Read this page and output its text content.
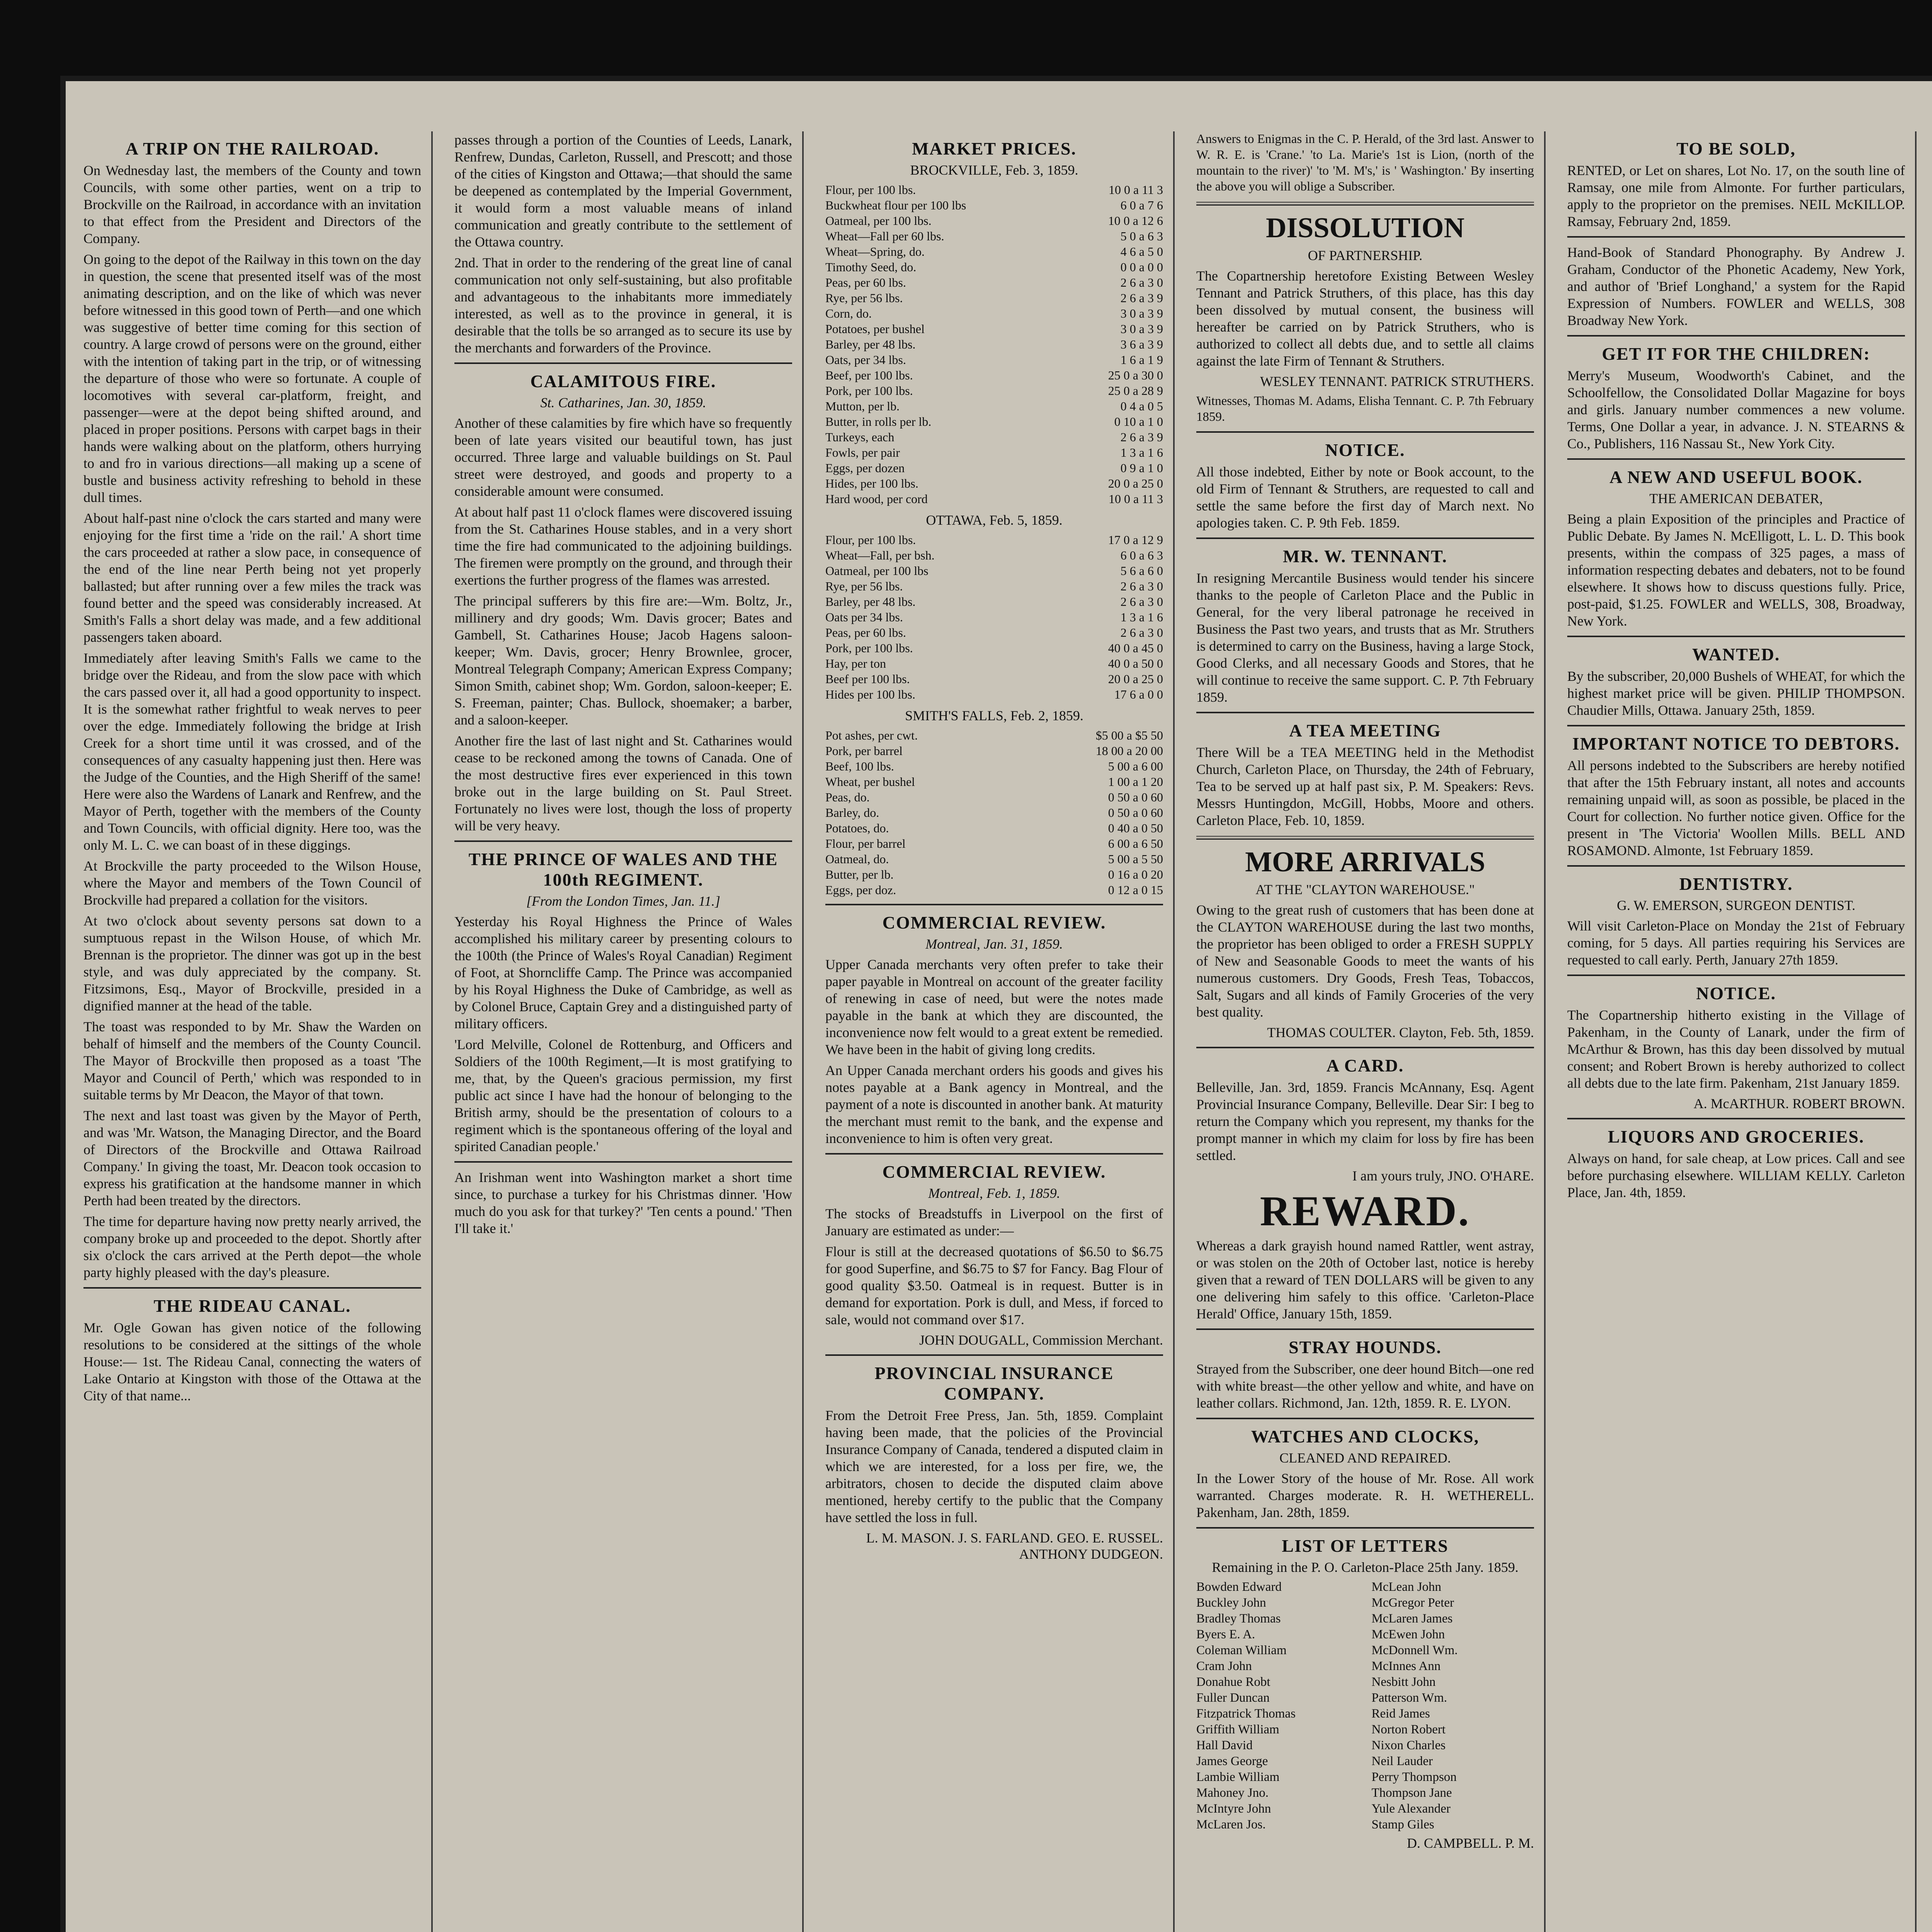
A TRIP ON THE RAILROAD.

On Wednesday last, the members of the County and town Councils, with some other parties, went on a trip to Brockville on the Railroad, in accordance with an invitation to that effect from the President and Directors of the Company.

On going to the depot of the Railway in this town on the day in question, the scene that presented itself was of the most animating description, and on the like of which was never before witnessed in this good town of Perth—and one which was suggestive of better time coming for this section of country. A large crowd of persons were on the ground, either with the intention of taking part in the trip, or of witnessing the departure of those who were so fortunate. A couple of locomotives with several car-platform, freight, and passenger—were at the depot being shifted around, and placed in proper positions. Persons with carpet bags in their hands were walking about on the platform, others hurrying to and fro in various directions—all making up a scene of bustle and business activity refreshing to behold in these dull times.

About half-past nine o'clock the cars started and many were enjoying for the first time a 'ride on the rail.' A short time the cars proceeded at rather a slow pace, in consequence of the end of the line near Perth being not yet properly ballasted; but after running over a few miles the track was found better and the speed was considerably increased. At Smith's Falls a short delay was made, and a few additional passengers taken aboard.

Immediately after leaving Smith's Falls we came to the bridge over the Rideau, and from the slow pace with which the cars passed over it, all had a good opportunity to inspect. It is the somewhat rather frightful to weak nerves to peer over the edge. Immediately following the bridge at Irish Creek for a short time until it was crossed, and of the consequences of any casualty happening just then. Here was the Judge of the Counties, and the High Sheriff of the same! Here were also the Wardens of Lanark and Renfrew, and the Mayor of Perth, together with the members of the County and Town Councils, with official dignity. Here too, was the only M. L. C. we can boast of in these diggings.

At Brockville the party proceeded to the Wilson House, where the Mayor and members of the Town Council of Brockville had prepared a collation for the visitors.

At two o'clock about seventy persons sat down to a sumptuous repast in the Wilson House, of which Mr. Brennan is the proprietor. The dinner was got up in the best style, and was duly appreciated by the company. St. Fitzsimons, Esq., Mayor of Brockville, presided in a dignified manner at the head of the table.

The toast was responded to by Mr. Shaw the Warden on behalf of himself and the members of the County Council. The Mayor of Brockville then proposed as a toast 'The Mayor and Council of Perth,' which was responded to in suitable terms by Mr Deacon, the Mayor of that town.

The next and last toast was given by the Mayor of Perth, and was 'Mr. Watson, the Managing Director, and the Board of Directors of the Brockville and Ottawa Railroad Company.' In giving the toast, Mr. Deacon took occasion to express his gratification at the handsome manner in which Perth had been treated by the directors.

The time for departure having now pretty nearly arrived, the company broke up and proceeded to the depot. Shortly after six o'clock the cars arrived at the Perth depot—the whole party highly pleased with the day's pleasure.

THE RIDEAU CANAL.

Mr. Ogle Gowan has given notice of the following resolutions to be considered at the sittings of the whole House:— 1st. The Rideau Canal, connecting the waters of Lake Ontario at Kingston with those of the Ottawa at the City of that name...

passes through a portion of the Counties of Leeds, Lanark, Renfrew, Dundas, Carleton, Russell, and Prescott; and those of the cities of Kingston and Ottawa;—that should the same be deepened as contemplated by the Imperial Government, it would form a most valuable means of inland communication and greatly contribute to the settlement of the Ottawa country.

2nd. That in order to the rendering of the great line of canal communication not only self-sustaining, but also profitable and advantageous to the inhabitants more immediately interested, as well as to the province in general, it is desirable that the tolls be so arranged as to secure its use by the merchants and forwarders of the Province.

CALAMITOUS FIRE.
St. Catharines, Jan. 30, 1859.

Another of these calamities by fire which have so frequently been of late years visited our beautiful town, has just occurred. Three large and valuable buildings on St. Paul street were destroyed, and goods and property to a considerable amount were consumed.

At about half past 11 o'clock flames were discovered issuing from the St. Catharines House stables, and in a very short time the fire had communicated to the adjoining buildings. The firemen were promptly on the ground, and through their exertions the further progress of the flames was arrested.

The principal sufferers by this fire are:—Wm. Boltz, Jr., millinery and dry goods; Wm. Davis grocer; Bates and Gambell, St. Catharines House; Jacob Hagens saloon-keeper; Wm. Davis, grocer; Henry Brownlee, grocer, Montreal Telegraph Company; American Express Company; Simon Smith, cabinet shop; Wm. Gordon, saloon-keeper; E. S. Freeman, painter; Chas. Bullock, shoemaker; a barber, and a saloon-keeper.

Another fire the last of last night and St. Catharines would cease to be reckoned among the towns of Canada. One of the most destructive fires ever experienced in this town broke out in the large building on St. Paul Street. Fortunately no lives were lost, though the loss of property will be very heavy.

THE PRINCE OF WALES AND THE 100th REGIMENT.
[From the London Times, Jan. 11.]

Yesterday his Royal Highness the Prince of Wales accomplished his military career by presenting colours to the 100th (the Prince of Wales's Royal Canadian) Regiment of Foot, at Shorncliffe Camp. The Prince was accompanied by his Royal Highness the Duke of Cambridge, as well as by Colonel Bruce, Captain Grey and a distinguished party of military officers.

'Lord Melville, Colonel de Rottenburg, and Officers and Soldiers of the 100th Regiment,—It is most gratifying to me, that, by the Queen's gracious permission, my first public act since I have had the honour of belonging to the British army, should be the presentation of colours to a regiment which is the spontaneous offering of the loyal and spirited Canadian people.'

An Irishman went into Washington market a short time since, to purchase a turkey for his Christmas dinner. 'How much do you ask for that turkey?' 'Ten cents a pound.' 'Then I'll take it.'

MARKET PRICES.
BROCKVILLE, Feb. 3, 1859.
Flour, per 100 lbs.	10 0 a 11 3
Buckwheat flour per 100 lbs	6 0 a 7 6
Oatmeal, per 100 lbs.	10 0 a 12 6
Wheat—Fall per 60 lbs.	5 0 a 6 3
Wheat—Spring, do.	4 6 a 5 0
Timothy Seed, do.	0 0 a 0 0
Peas, per 60 lbs.	2 6 a 3 0
Rye, per 56 lbs.	2 6 a 3 9
Corn, do.	3 0 a 3 9
Potatoes, per bushel	3 0 a 3 9
Barley, per 48 lbs.	3 6 a 3 9
Oats, per 34 lbs.	1 6 a 1 9
Beef, per 100 lbs.	25 0 a 30 0
Pork, per 100 lbs.	25 0 a 28 9
Mutton, per lb.	0 4 a 0 5
Butter, in rolls per lb.	0 10 a 1 0
Turkeys, each	2 6 a 3 9
Fowls, per pair	1 3 a 1 6
Eggs, per dozen	0 9 a 1 0
Hides, per 100 lbs.	20 0 a 25 0
Hard wood, per cord	10 0 a 11 3
OTTAWA, Feb. 5, 1859.
Flour, per 100 lbs.	17 0 a 12 9
Wheat—Fall, per bsh.	6 0 a 6 3
Oatmeal, per 100 lbs	5 6 a 6 0
Rye, per 56 lbs.	2 6 a 3 0
Barley, per 48 lbs.	2 6 a 3 0
Oats per 34 lbs.	1 3 a 1 6
Peas, per 60 lbs.	2 6 a 3 0
Pork, per 100 lbs.	40 0 a 45 0
Hay, per ton	40 0 a 50 0
Beef per 100 lbs.	20 0 a 25 0
Hides per 100 lbs.	17 6 a 0 0
SMITH'S FALLS, Feb. 2, 1859.
Pot ashes, per cwt.	$5 00 a $5 50
Pork, per barrel	18 00 a 20 00
Beef, 100 lbs.	5 00 a 6 00
Wheat, per bushel	1 00 a 1 20
Peas, do.	0 50 a 0 60
Barley, do.	0 50 a 0 60
Potatoes, do.	0 40 a 0 50
Flour, per barrel	6 00 a 6 50
Oatmeal, do.	5 00 a 5 50
Butter, per lb.	0 16 a 0 20
Eggs, per doz.	0 12 a 0 15
COMMERCIAL REVIEW.
Montreal, Jan. 31, 1859.

Upper Canada merchants very often prefer to take their paper payable in Montreal on account of the greater facility of renewing in case of need, but were the notes made payable in the bank at which they are discounted, the inconvenience now felt would to a great extent be remedied. We have been in the habit of giving long credits.

An Upper Canada merchant orders his goods and gives his notes payable at a Bank agency in Montreal, and the payment of a note is discounted in another bank. At maturity the merchant must remit to the bank, and the expense and inconvenience to him is often very great.

COMMERCIAL REVIEW.
Montreal, Feb. 1, 1859.

The stocks of Breadstuffs in Liverpool on the first of January are estimated as under:—

Flour is still at the decreased quotations of $6.50 to $6.75 for good Superfine, and $6.75 to $7 for Fancy. Bag Flour of good quality $3.50. Oatmeal is in request. Butter is in demand for exportation. Pork is dull, and Mess, if forced to sale, would not command over $17.

JOHN DOUGALL, Commission Merchant.
PROVINCIAL INSURANCE COMPANY.

From the Detroit Free Press, Jan. 5th, 1859. Complaint having been made, that the policies of the Provincial Insurance Company of Canada, tendered a disputed claim in which we are interested, for a loss per fire, we, the arbitrators, chosen to decide the disputed claim above mentioned, hereby certify to the public that the Company have settled the loss in full.

L. M. MASON. J. S. FARLAND. GEO. E. RUSSEL. ANTHONY DUDGEON.

Answers to Enigmas in the C. P. Herald, of the 3rd last. Answer to W. R. E. is 'Crane.' 'to La. Marie's 1st is Lion, (north of the mountain to the river)' 'to 'M. M's,' is ' Washington.' By inserting the above you will oblige a Subscriber.

DISSOLUTION
OF PARTNERSHIP.

The Copartnership heretofore Existing Between Wesley Tennant and Patrick Struthers, of this place, has this day been dissolved by mutual consent, the business will hereafter be carried on by Patrick Struthers, who is authorized to collect all debts due, and to settle all claims against the late Firm of Tennant & Struthers.

WESLEY TENNANT. PATRICK STRUTHERS.

Witnesses, Thomas M. Adams, Elisha Tennant. C. P. 7th February 1859.

NOTICE.

All those indebted, Either by note or Book account, to the old Firm of Tennant & Struthers, are requested to call and settle the same before the first day of March next. No apologies taken. C. P. 9th Feb. 1859.

MR. W. TENNANT.

In resigning Mercantile Business would tender his sincere thanks to the people of Carleton Place and the Public in General, for the very liberal patronage he received in Business the Past two years, and trusts that as Mr. Struthers is determined to carry on the Business, having a large Stock, Good Clerks, and all necessary Goods and Stores, that he will continue to receive the same support. C. P. 7th February 1859.

A TEA MEETING

There Will be a TEA MEETING held in the Methodist Church, Carleton Place, on Thursday, the 24th of February, Tea to be served up at half past six, P. M. Speakers: Revs. Messrs Huntingdon, McGill, Hobbs, Moore and others. Carleton Place, Feb. 10, 1859.

MORE ARRIVALS
AT THE "CLAYTON WAREHOUSE."

Owing to the great rush of customers that has been done at the CLAYTON WAREHOUSE during the last two months, the proprietor has been obliged to order a FRESH SUPPLY of New and Seasonable Goods to meet the wants of his numerous customers. Dry Goods, Fresh Teas, Tobaccos, Salt, Sugars and all kinds of Family Groceries of the very best quality.

THOMAS COULTER. Clayton, Feb. 5th, 1859.
A CARD.

Belleville, Jan. 3rd, 1859. Francis McAnnany, Esq. Agent Provincial Insurance Company, Belleville. Dear Sir: I beg to return the Company which you represent, my thanks for the prompt manner in which my claim for loss by fire has been settled.

I am yours truly, JNO. O'HARE.
REWARD.

Whereas a dark grayish hound named Rattler, went astray, or was stolen on the 20th of October last, notice is hereby given that a reward of TEN DOLLARS will be given to any one delivering him safely to this office. 'Carleton-Place Herald' Office, January 15th, 1859.

STRAY HOUNDS.

Strayed from the Subscriber, one deer hound Bitch—one red with white breast—the other yellow and white, and have on leather collars. Richmond, Jan. 12th, 1859. R. E. LYON.

WATCHES AND CLOCKS,
CLEANED AND REPAIRED.

In the Lower Story of the house of Mr. Rose. All work warranted. Charges moderate. R. H. WETHERELL. Pakenham, Jan. 28th, 1859.

LIST OF LETTERS
Remaining in the P. O. Carleton-Place 25th Jany. 1859.
Bowden Edward
Buckley John
Bradley Thomas
Byers E. A.
Coleman William
Cram John
Donahue Robt
Fuller Duncan
Fitzpatrick Thomas
Griffith William
Hall David
James George
Lambie William
Mahoney Jno.
McIntyre John
McLaren Jos.
McLean John
McGregor Peter
McLaren James
McEwen John
McDonnell Wm.
McInnes Ann
Nesbitt John
Patterson Wm.
Reid James
Norton Robert
Nixon Charles
Neil Lauder
Perry Thompson
Thompson Jane
Yule Alexander
Stamp Giles
D. CAMPBELL. P. M.
TO BE SOLD,

RENTED, or Let on shares, Lot No. 17, on the south line of Ramsay, one mile from Almonte. For further particulars, apply to the proprietor on the premises. NEIL McKILLOP. Ramsay, February 2nd, 1859.

Hand-Book of Standard Phonography. By Andrew J. Graham, Conductor of the Phonetic Academy, New York, and author of 'Brief Longhand,' a system for the Rapid Expression of Numbers. FOWLER and WELLS, 308 Broadway New York.

GET IT FOR THE CHILDREN:

Merry's Museum, Woodworth's Cabinet, and the Schoolfellow, the Consolidated Dollar Magazine for boys and girls. January number commences a new volume. Terms, One Dollar a year, in advance. J. N. STEARNS & Co., Publishers, 116 Nassau St., New York City.

A NEW AND USEFUL BOOK.
THE AMERICAN DEBATER,

Being a plain Exposition of the principles and Practice of Public Debate. By James N. McElligott, L. L. D. This book presents, within the compass of 325 pages, a mass of information respecting debates and debaters, not to be found elsewhere. It shows how to discuss questions fully. Price, post-paid, $1.25. FOWLER and WELLS, 308, Broadway, New York.

WANTED.

By the subscriber, 20,000 Bushels of WHEAT, for which the highest market price will be given. PHILIP THOMPSON. Chaudier Mills, Ottawa. January 25th, 1859.

IMPORTANT NOTICE TO DEBTORS.

All persons indebted to the Subscribers are hereby notified that after the 15th February instant, all notes and accounts remaining unpaid will, as soon as possible, be placed in the Court for collection. No further notice given. Office for the present in 'The Victoria' Woollen Mills. BELL AND ROSAMOND. Almonte, 1st February 1859.

DENTISTRY.
G. W. EMERSON, SURGEON DENTIST.

Will visit Carleton-Place on Monday the 21st of February coming, for 5 days. All parties requiring his Services are requested to call early. Perth, January 27th 1859.

NOTICE.

The Copartnership hitherto existing in the Village of Pakenham, in the County of Lanark, under the firm of McArthur & Brown, has this day been dissolved by mutual consent; and Robert Brown is hereby authorized to collect all debts due to the late firm. Pakenham, 21st January 1859.

A. McARTHUR. ROBERT BROWN.
LIQUORS AND GROCERIES.

Always on hand, for sale cheap, at Low prices. Call and see before purchasing elsewhere. WILLIAM KELLY. Carleton Place, Jan. 4th, 1859.
